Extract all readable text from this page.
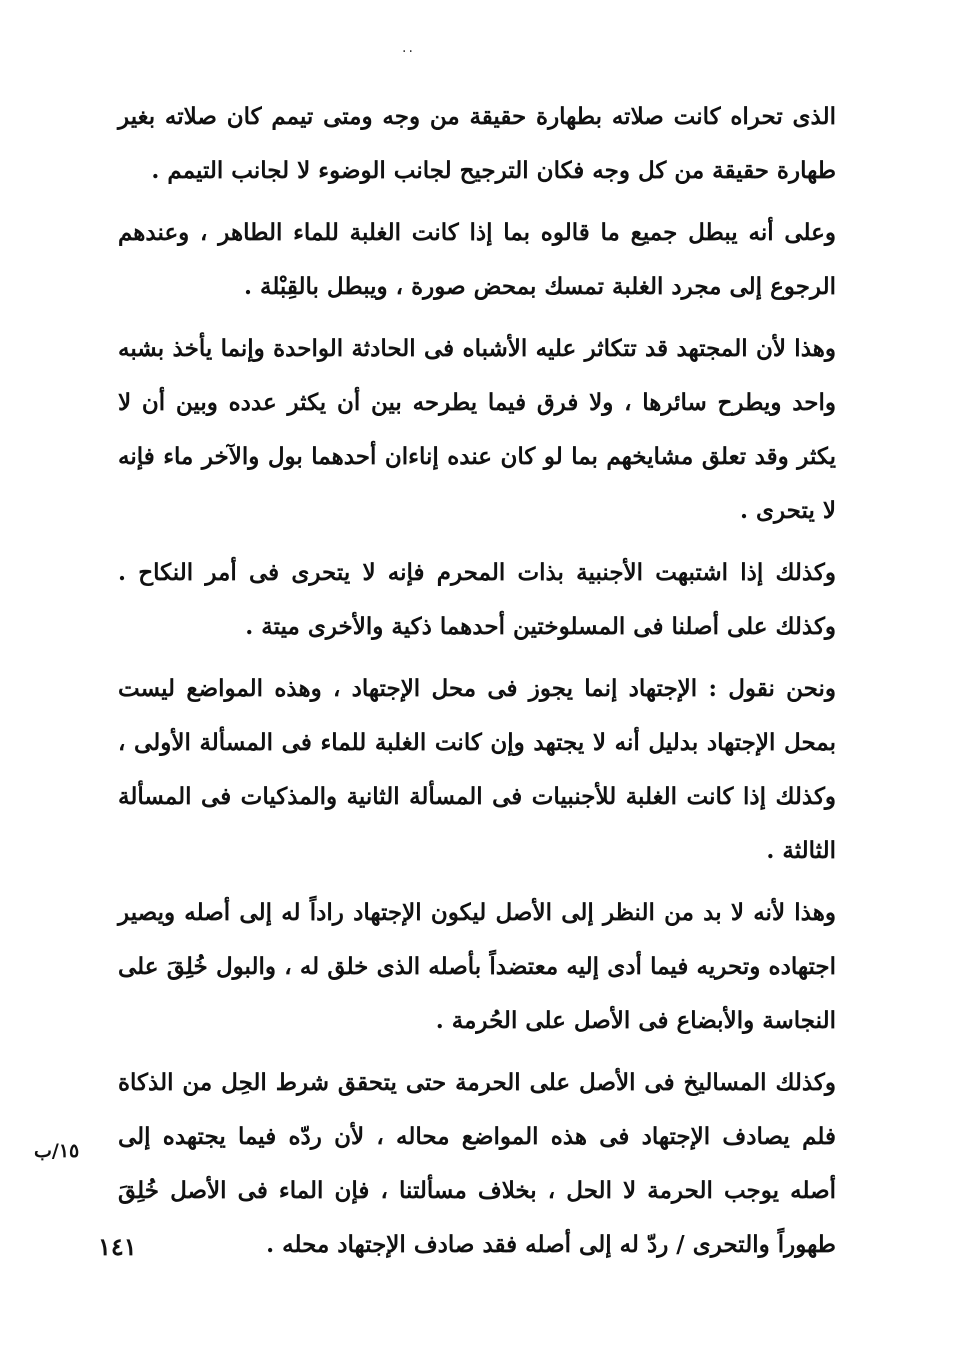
..

الذى تحراه كانت صلاته بطهارة حقيقة من وجه ومتى تيمم كان صلاته بغير طهارة حقيقة من كل وجه فكان الترجيح لجانب الوضوء لا لجانب التيمم .

وعلى أنه يبطل جميع ما قالوه بما إذا كانت الغلبة للماء الطاهر ، وعندهم الرجوع إلى مجرد الغلبة تمسك بمحض صورة ، ويبطل بالقِبْلة .

وهذا لأن المجتهد قد تتكاثر عليه الأشباه فى الحادثة الواحدة وإنما يأخذ بشبه واحد ويطرح سائرها ، ولا فرق فيما يطرحه بين أن يكثر عدده وبين أن لا يكثر وقد تعلق مشايخهم بما لو كان عنده إناءان أحدهما بول والآخر ماء فإنه لا يتحرى .

وكذلك إذا اشتبهت الأجنبية بذات المحرم فإنه لا يتحرى فى أمر النكاح . وكذلك على أصلنا فى المسلوختين أحدهما ذكية والأخرى ميتة .

ونحن نقول : الإجتهاد إنما يجوز فى محل الإجتهاد ، وهذه المواضع ليست بمحل الإجتهاد بدليل أنه لا يجتهد وإن كانت الغلبة للماء فى المسألة الأولى ، وكذلك إذا كانت الغلبة للأجنبيات فى المسألة الثانية والمذكيات فى المسألة الثالثة .

وهذا لأنه لا بد من النظر إلى الأصل ليكون الإجتهاد راداً له إلى أصله ويصير اجتهاده وتحريه فيما أدى إليه معتضداً بأصله الذى خلق له ، والبول خُلِقَ على النجاسة والأبضاع فى الأصل على الحُرمة .

وكذلك المساليخ فى الأصل على الحرمة حتى يتحقق شرط الحِل من الذكاة فلم يصادف الإجتهاد فى هذه المواضع محاله ، لأن ردّه فيما يجتهده إلى أصله يوجب الحرمة لا الحل ، بخلاف مسألتنا ، فإن الماء فى الأصل خُلِقَ طهوراً والتحرى / ردّ له إلى أصله فقد صادف الإجتهاد محله .

١٥/ب
١٤١
